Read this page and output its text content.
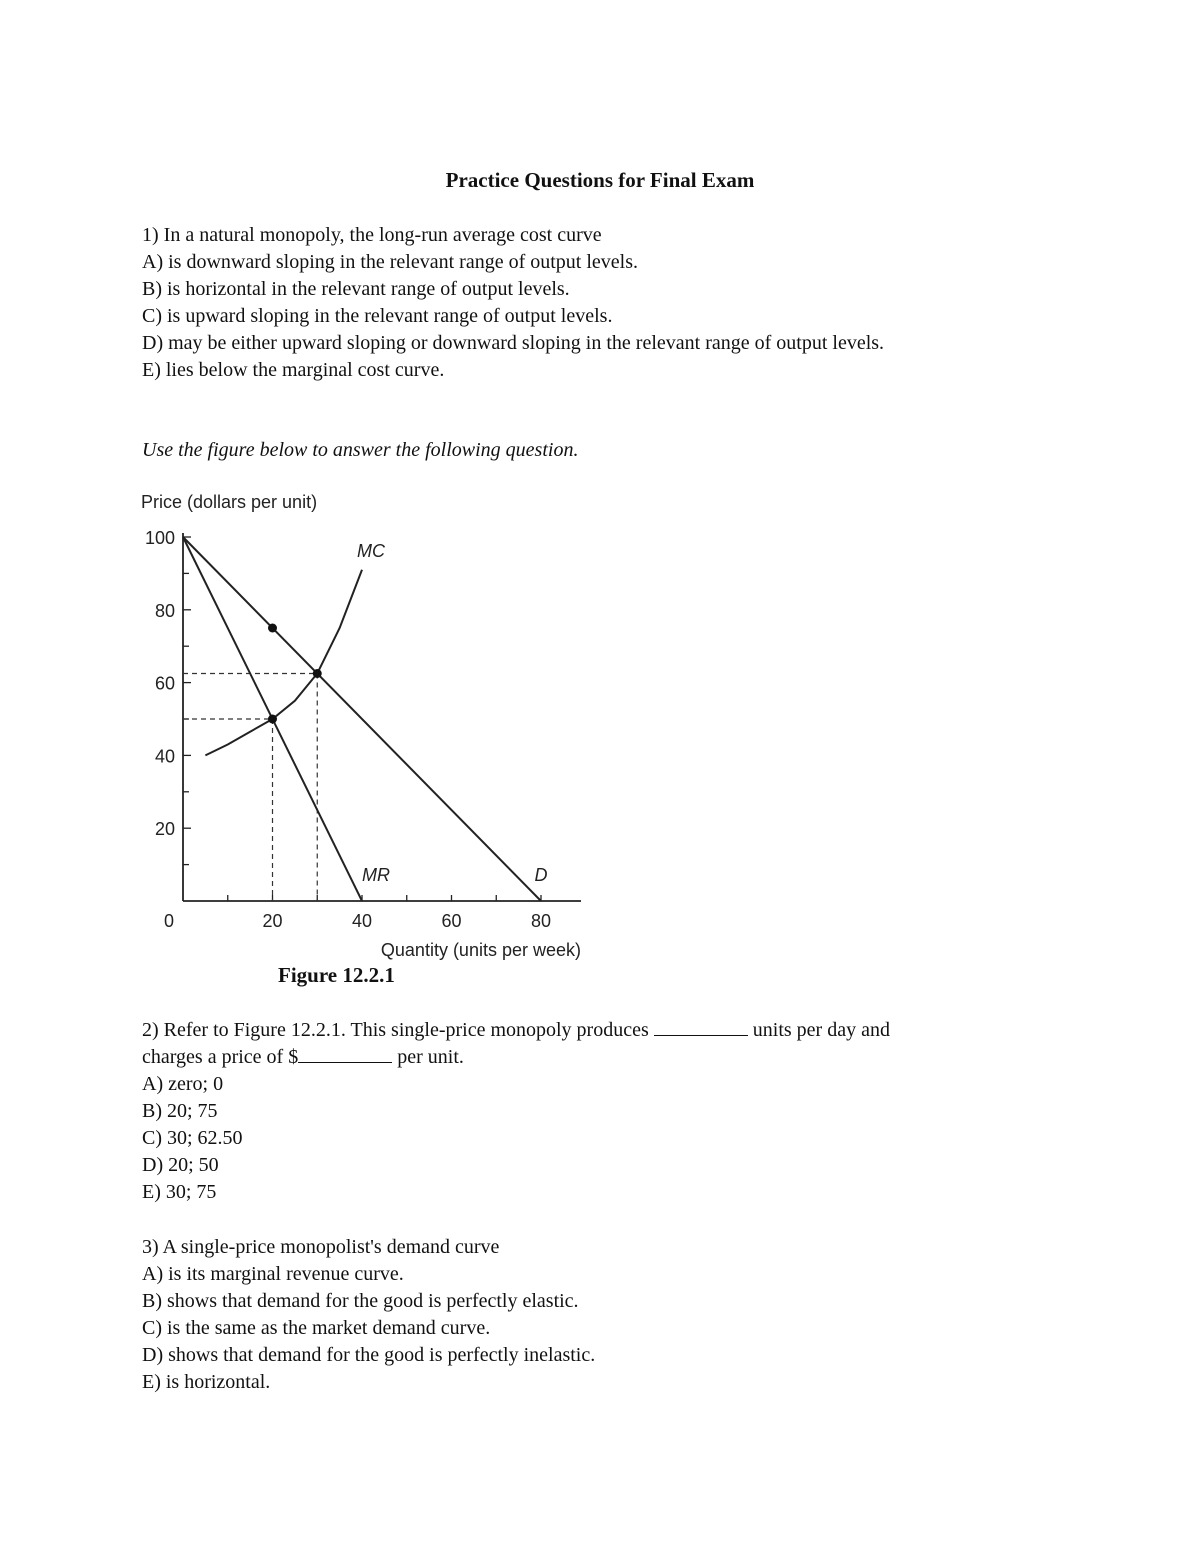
Practice Questions for Final Exam
1) In a natural monopoly, the long-run average cost curve
A) is downward sloping in the relevant range of output levels.
B) is horizontal in the relevant range of output levels.
C) is upward sloping in the relevant range of output levels.
D) may be either upward sloping or downward sloping in the relevant range of output levels.
E) lies below the marginal cost curve.
Use the figure below to answer the following question.
Price (dollars per unit)
Quantity (units per week)
100
80
60
40
20
0	20	40	60	80
MC
MR	D
Figure 12.2.1
2) Refer to Figure 12.2.1. This single-price monopoly produces	units per day and
charges a price of $	per unit.
A) zero; 0
B) 20; 75
C) 30; 62.50
D) 20; 50
E) 30; 75
3) A single-price monopolist's demand curve
A) is its marginal revenue curve.
B) shows that demand for the good is perfectly elastic.
C) is the same as the market demand curve.
D) shows that demand for the good is perfectly inelastic.
E) is horizontal.
